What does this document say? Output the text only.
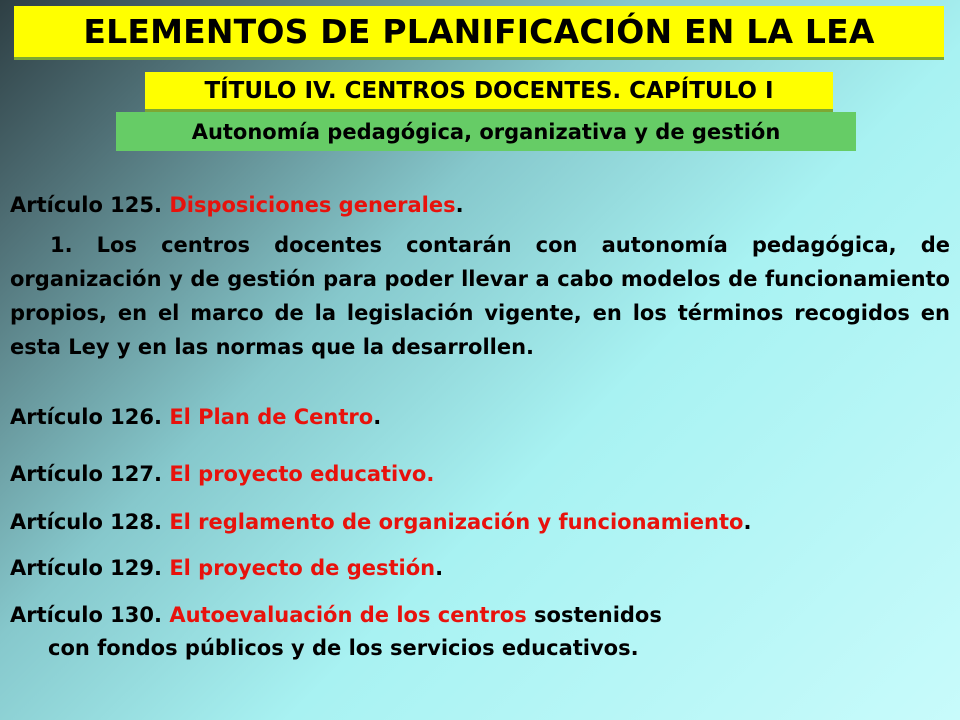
ELEMENTOS DE PLANIFICACIÓN EN LA LEA
TÍTULO IV. CENTROS DOCENTES. CAPÍTULO I
Autonomía pedagógica, organizativa y de gestión
Artículo 125. Disposiciones generales.
1. Los centros docentes contarán con autonomía pedagógica, de organización y de gestión para poder llevar a cabo modelos de funcionamiento propios, en el marco de la legislación vigente, en los términos recogidos en esta Ley y en las normas que la desarrollen.
Artículo 126. El Plan de Centro.
Artículo 127. El proyecto educativo.
Artículo 128. El reglamento de organización y funcionamiento.
Artículo 129. El proyecto de gestión.
Artículo 130. Autoevaluación de los centros sostenidos
con fondos públicos y de los servicios educativos.
